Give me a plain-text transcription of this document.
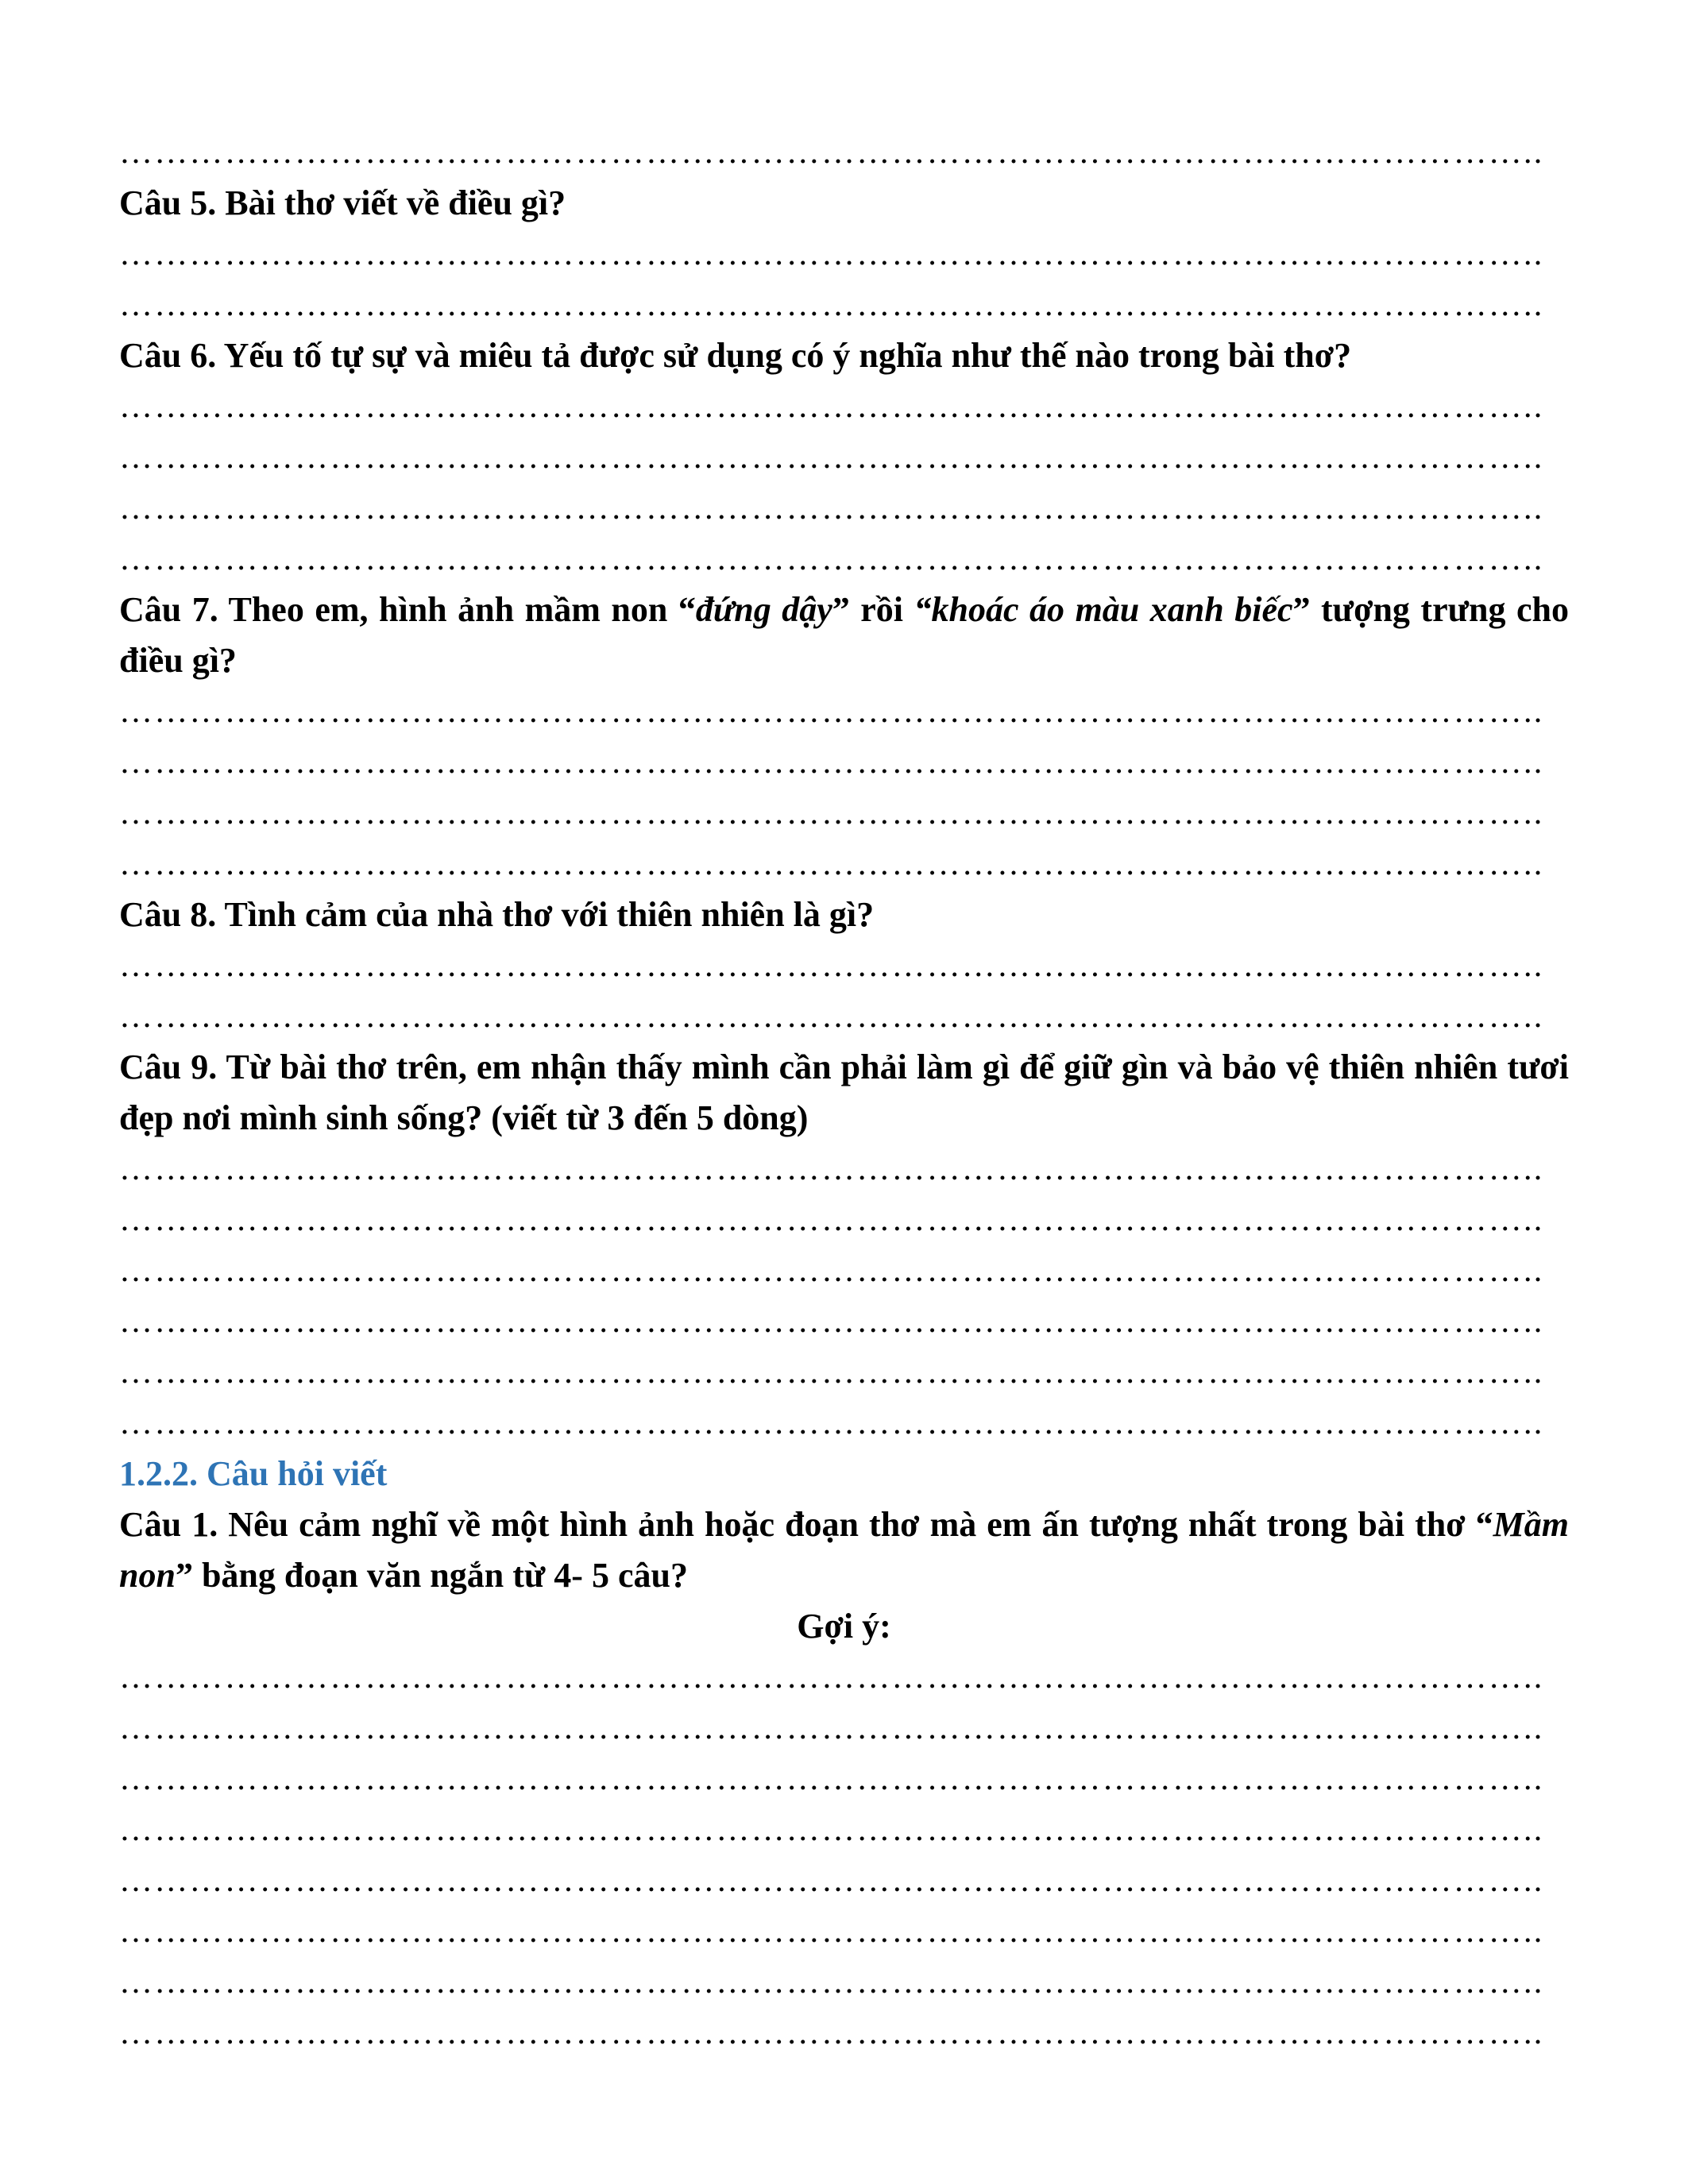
…………………………………………………………………………………………………………..
Câu 5. Bài thơ viết về điều gì?
…………………………………………………………………………………………………………..
…………………………………………………………………………………………………………..
Câu 6. Yếu tố tự sự và miêu tả được sử dụng có ý nghĩa như thế nào trong bài thơ?
…………………………………………………………………………………………………………..
…………………………………………………………………………………………………………..
…………………………………………………………………………………………………………..
…………………………………………………………………………………………………………..
Câu 7. Theo em, hình ảnh mầm non “đứng dậy” rồi “khoác áo màu xanh biếc” tượng trưng cho điều gì?
…………………………………………………………………………………………………………..
…………………………………………………………………………………………………………..
…………………………………………………………………………………………………………..
…………………………………………………………………………………………………………..
Câu 8. Tình cảm của nhà thơ với thiên nhiên là gì?
…………………………………………………………………………………………………………..
…………………………………………………………………………………………………………..
Câu 9. Từ bài thơ trên, em nhận thấy mình cần phải làm gì để giữ gìn và bảo vệ thiên nhiên tươi đẹp nơi mình sinh sống? (viết từ 3 đến 5 dòng)
…………………………………………………………………………………………………………..
…………………………………………………………………………………………………………..
…………………………………………………………………………………………………………..
…………………………………………………………………………………………………………..
…………………………………………………………………………………………………………..
…………………………………………………………………………………………………………..
1.2.2. Câu hỏi viết
Câu 1. Nêu cảm nghĩ về một hình ảnh hoặc đoạn thơ mà em ấn tượng nhất trong bài thơ “Mầm non” bằng đoạn văn ngắn từ 4- 5 câu?
Gợi ý:
…………………………………………………………………………………………………………..
…………………………………………………………………………………………………………..
…………………………………………………………………………………………………………..
…………………………………………………………………………………………………………..
…………………………………………………………………………………………………………..
…………………………………………………………………………………………………………..
…………………………………………………………………………………………………………..
…………………………………………………………………………………………………………..
